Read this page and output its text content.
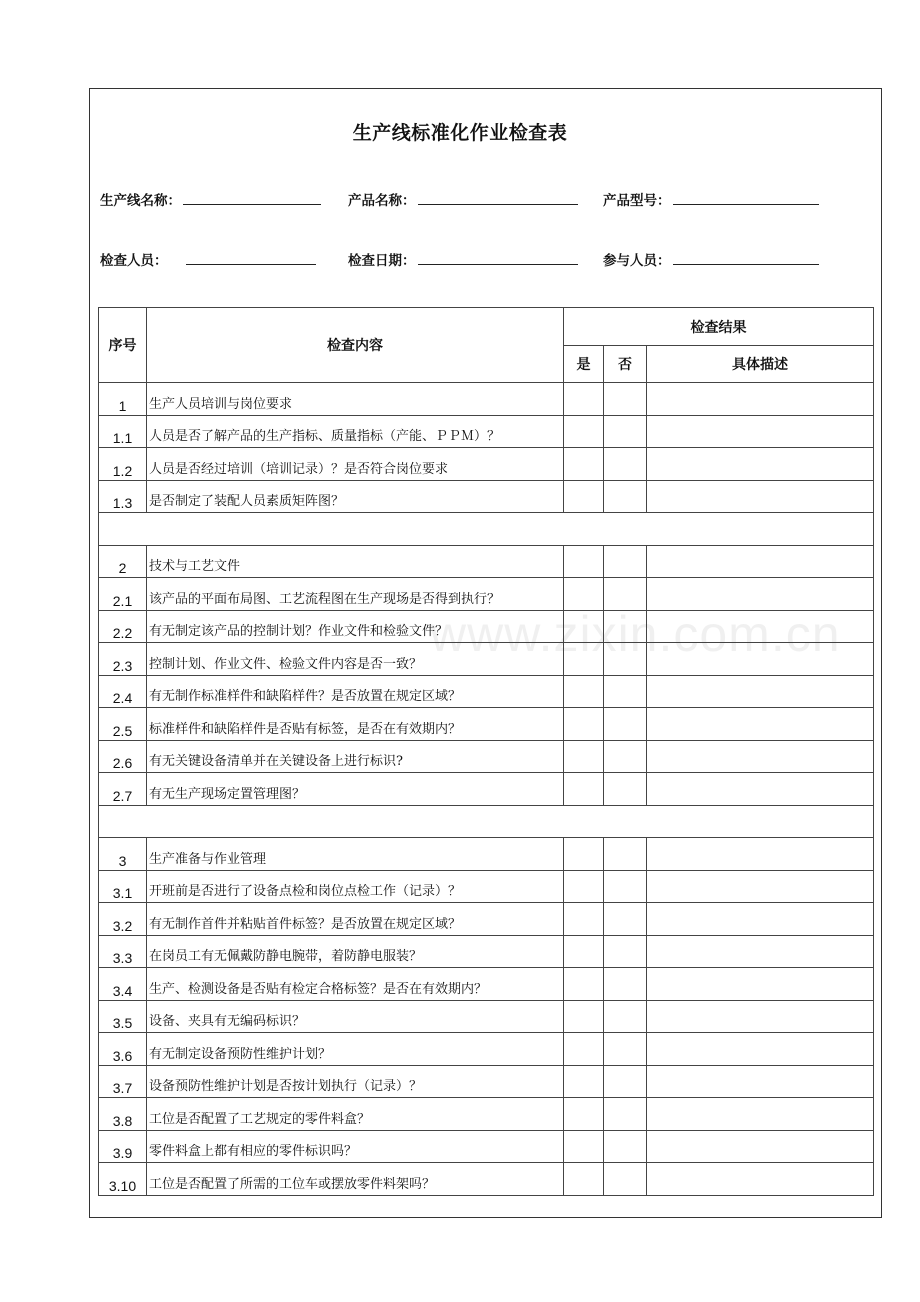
生产线标准化作业检查表
生产线名称：	产品名称：	产品型号：
检查人员：	检查日期：	参与人员：
www.zixin.com.cn
序号	检查内容	检查结果		
		是	否	具体描述
1	生产人员培训与岗位要求			
1.1	人员是否了解产品的生产指标、质量指标（产能、ＰＰＭ）？			
1.2	人员是否经过培训（培训记录）？是否符合岗位要求			
1.3	是否制定了装配人员素质矩阵图？			

2	技术与工艺文件			
2.1	该产品的平面布局图、工艺流程图在生产现场是否得到执行？			
2.2	有无制定该产品的控制计划？作业文件和检验文件？			
2.3	控制计划、作业文件、检验文件内容是否一致？			
2.4	有无制作标准样件和缺陷样件？是否放置在规定区域？			
2.5	标准样件和缺陷样件是否贴有标签，是否在有效期内？			
2.6	有无关键设备清单并在关键设备上进行标识?			
2.7	有无生产现场定置管理图？			

3	生产准备与作业管理			
3.1	开班前是否进行了设备点检和岗位点检工作（记录）？			
3.2	有无制作首件并粘贴首件标签？是否放置在规定区域？			
3.3	在岗员工有无佩戴防静电腕带，着防静电服装？			
3.4	生产、检测设备是否贴有检定合格标签？是否在有效期内？			
3.5	设备、夹具有无编码标识？			
3.6	有无制定设备预防性维护计划？			
3.7	设备预防性维护计划是否按计划执行（记录）？			
3.8	工位是否配置了工艺规定的零件料盒？			
3.9	零件料盒上都有相应的零件标识吗？			
3.10	工位是否配置了所需的工位车或摆放零件料架吗？			
